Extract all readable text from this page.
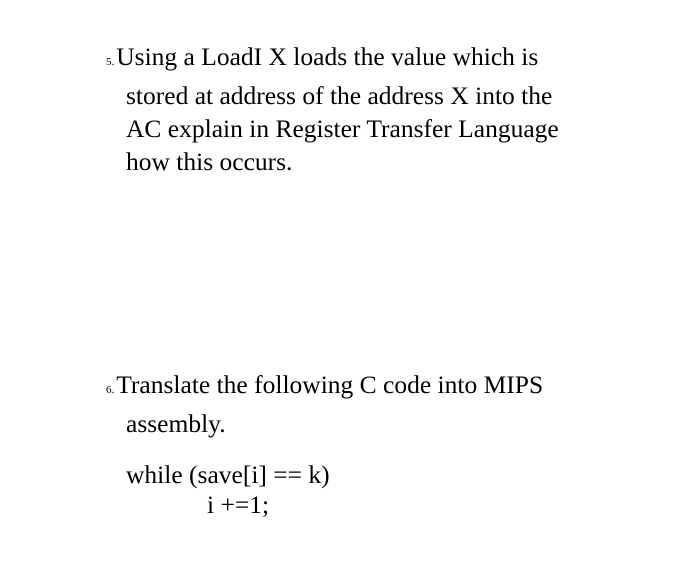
5.Using a LoadI X loads the value which is
stored at address of the address X into the
AC explain in Register Transfer Language
how this occurs.
6.Translate the following C code into MIPS
assembly.
while (save[i] == k)
i +=1;
